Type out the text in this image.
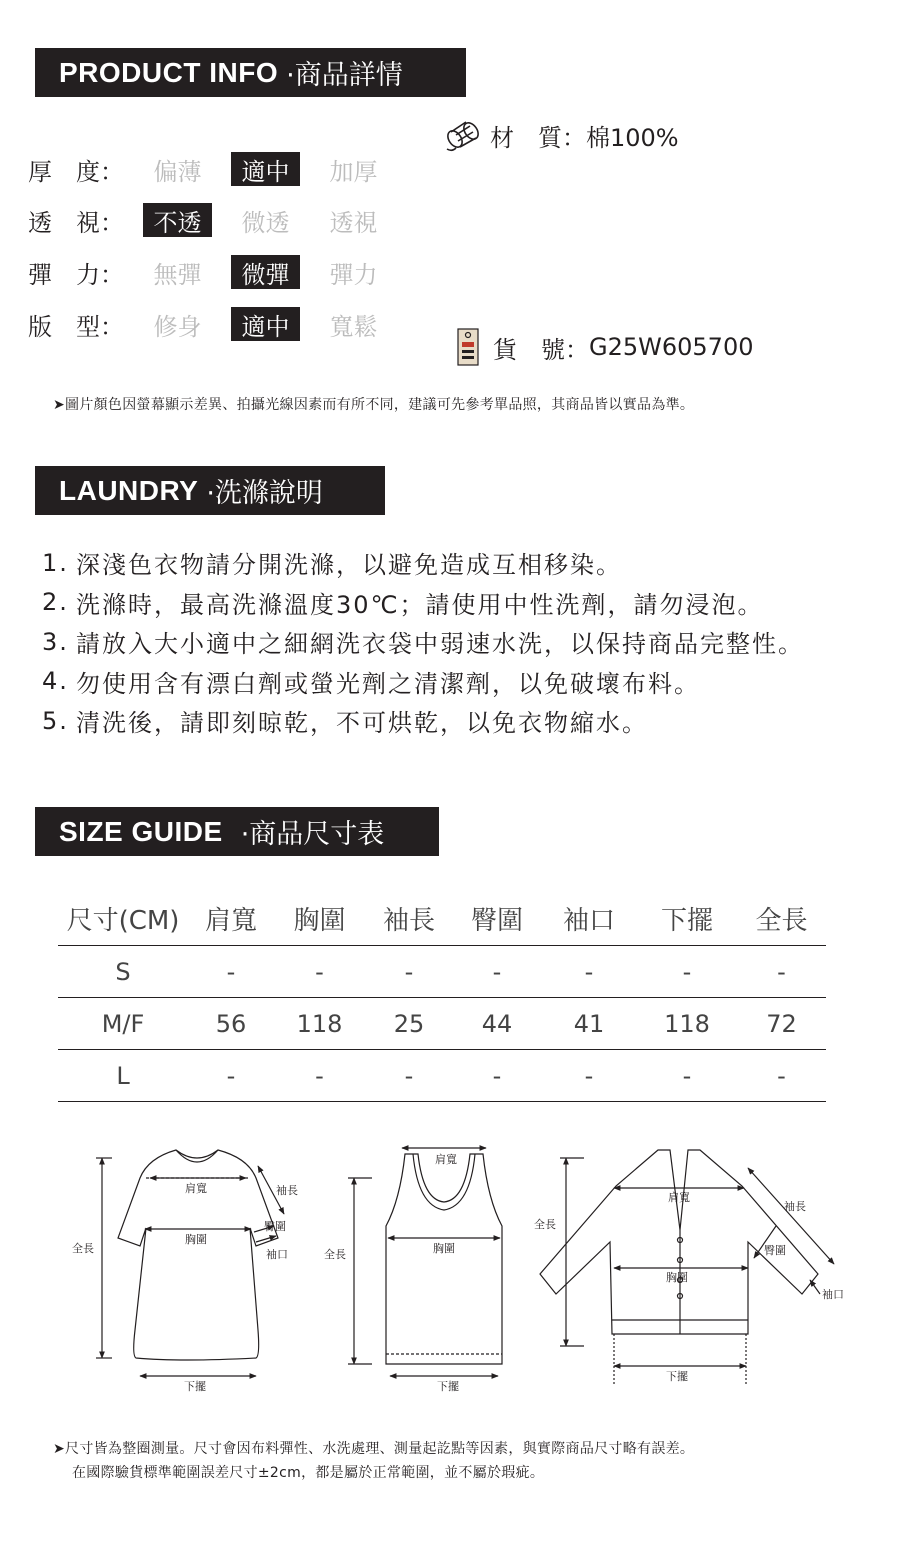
PRODUCT INFO ·商品詳情
厚　度：	偏薄	適中	加厚
透　視：	不透	微透	透視
彈　力：	無彈	微彈	彈力
版　型：	修身	適中	寬鬆
材　質： 棉100%
貨　號： G25W605700
➤圖片顏色因螢幕顯示差異、拍攝光線因素而有所不同，建議可先參考單品照，其商品皆以實品為準。
LAUNDRY ·洗滌說明
1. 深淺色衣物請分開洗滌，以避免造成互相移染。
2. 洗滌時，最高洗滌溫度30℃；請使用中性洗劑，請勿浸泡。
3. 請放入大小適中之細網洗衣袋中弱速水洗，以保持商品完整性。
4. 勿使用含有漂白劑或螢光劑之清潔劑，以免破壞布料。
5. 清洗後，請即刻晾乾，不可烘乾，以免衣物縮水。
SIZE GUIDE ·商品尺寸表
尺寸(CM)	肩寬	胸圍	袖長	臀圍	袖口	下擺	全長
S	-	-	-	-	-	-	-
M/F	56	118	25	44	41	118	72
L	-	-	-	-	-	-	-
全長
肩寬
胸圍
袖長
臀圍
袖口
下擺
肩寬
胸圍
全長
下擺
全長
肩寬
胸圍
袖長
臀圍
袖口
下擺
➤尺寸皆為整圈測量。尺寸會因布料彈性、水洗處理、測量起訖點等因素，與實際商品尺寸略有誤差。
在國際驗貨標準範圍誤差尺寸±2cm，都是屬於正常範圍，並不屬於瑕疵。
